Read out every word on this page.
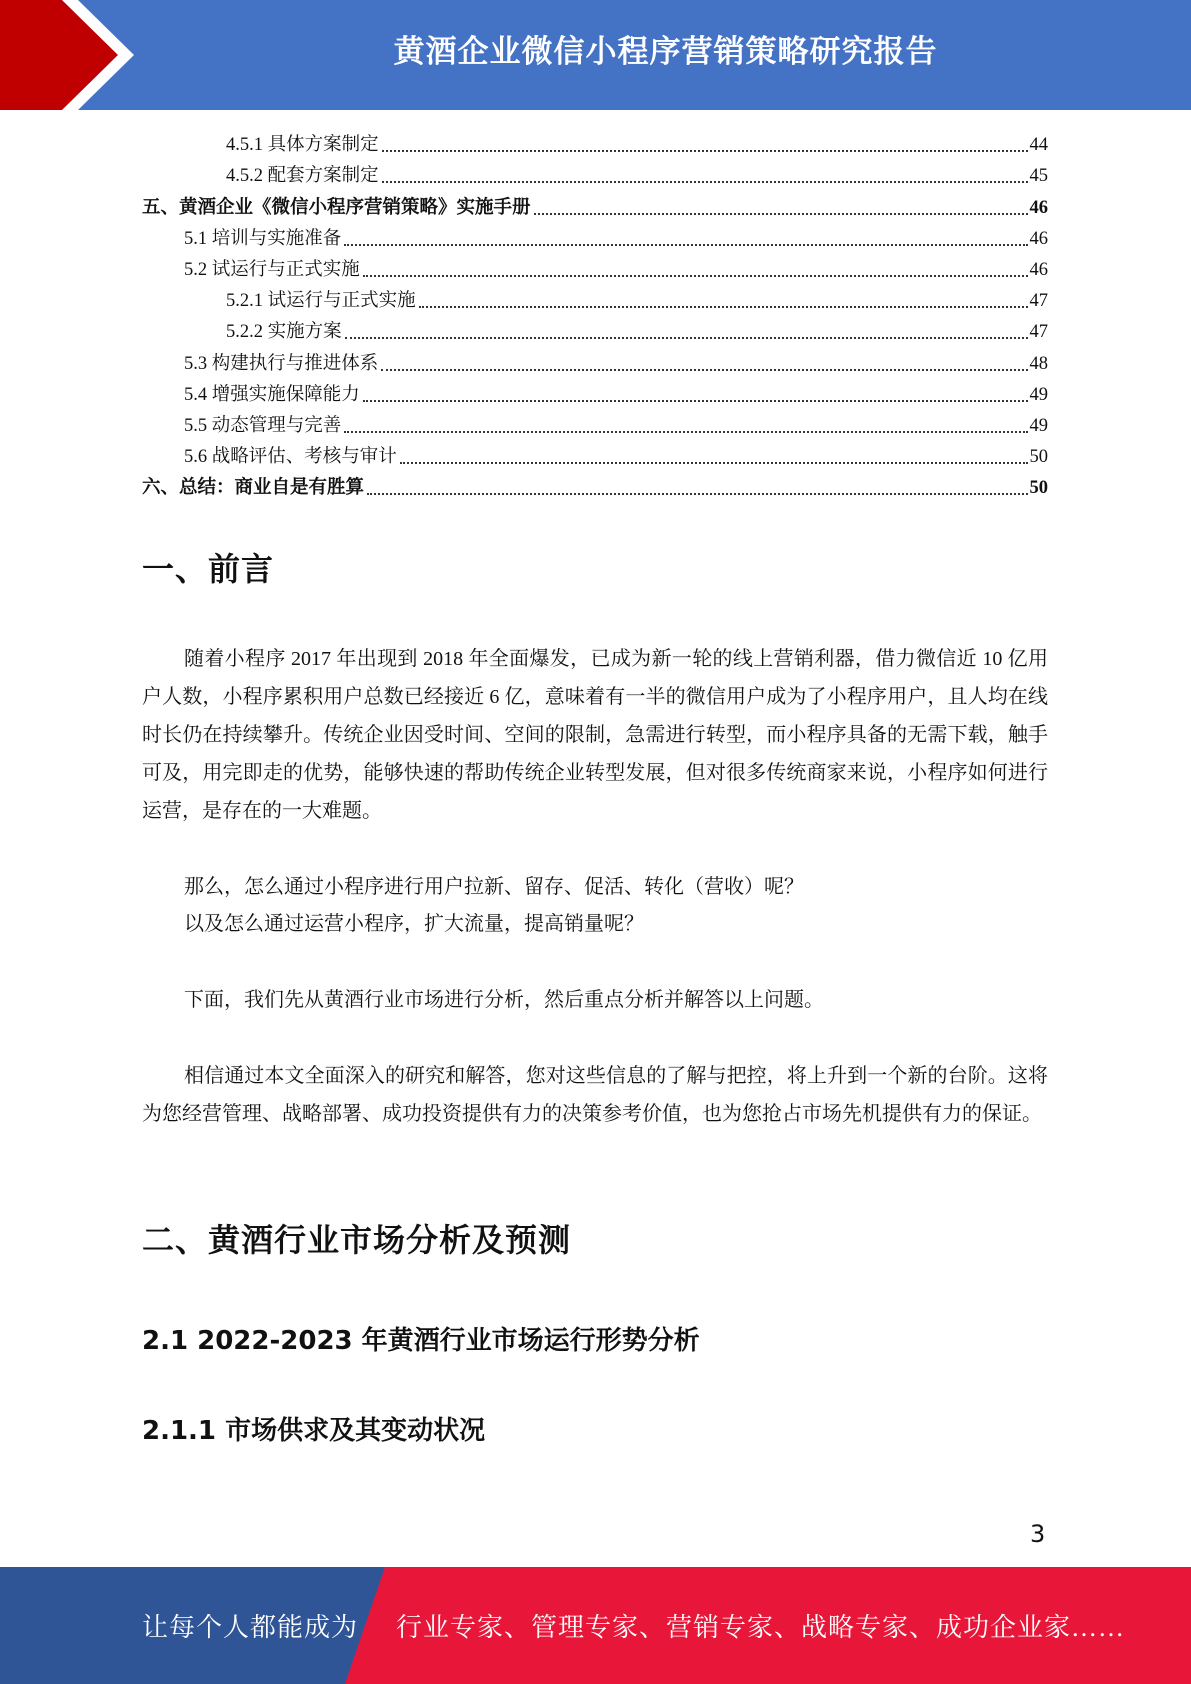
黄酒企业微信小程序营销策略研究报告
4.5.1 具体方案制定	44
4.5.2 配套方案制定	45
五、黄酒企业《微信小程序营销策略》实施手册	46
5.1 培训与实施准备	46
5.2 试运行与正式实施	46
5.2.1 试运行与正式实施	47
5.2.2 实施方案	47
5.3 构建执行与推进体系	48
5.4 增强实施保障能力	49
5.5 动态管理与完善	49
5.6 战略评估、考核与审计	50
六、总结：商业自是有胜算	50
一、前言

随着小程序 2017 年出现到 2018 年全面爆发，已成为新一轮的线上营销利器，借力微信近 10 亿用户人数，小程序累积用户总数已经接近 6 亿，意味着有一半的微信用户成为了小程序用户，且人均在线时长仍在持续攀升。传统企业因受时间、空间的限制，急需进行转型，而小程序具备的无需下载，触手可及，用完即走的优势，能够快速的帮助传统企业转型发展，但对很多传统商家来说，小程序如何进行运营，是存在的一大难题。

那么，怎么通过小程序进行用户拉新、留存、促活、转化（营收）呢？

以及怎么通过运营小程序，扩大流量，提高销量呢？

下面，我们先从黄酒行业市场进行分析，然后重点分析并解答以上问题。

相信通过本文全面深入的研究和解答，您对这些信息的了解与把控，将上升到一个新的台阶。这将为您经营管理、战略部署、成功投资提供有力的决策参考价值，也为您抢占市场先机提供有力的保证。

二、黄酒行业市场分析及预测
2.1 2022-2023 年黄酒行业市场运行形势分析
2.1.1 市场供求及其变动状况
3
让每个人都能成为 行业专家、管理专家、营销专家、战略专家、成功企业家……
